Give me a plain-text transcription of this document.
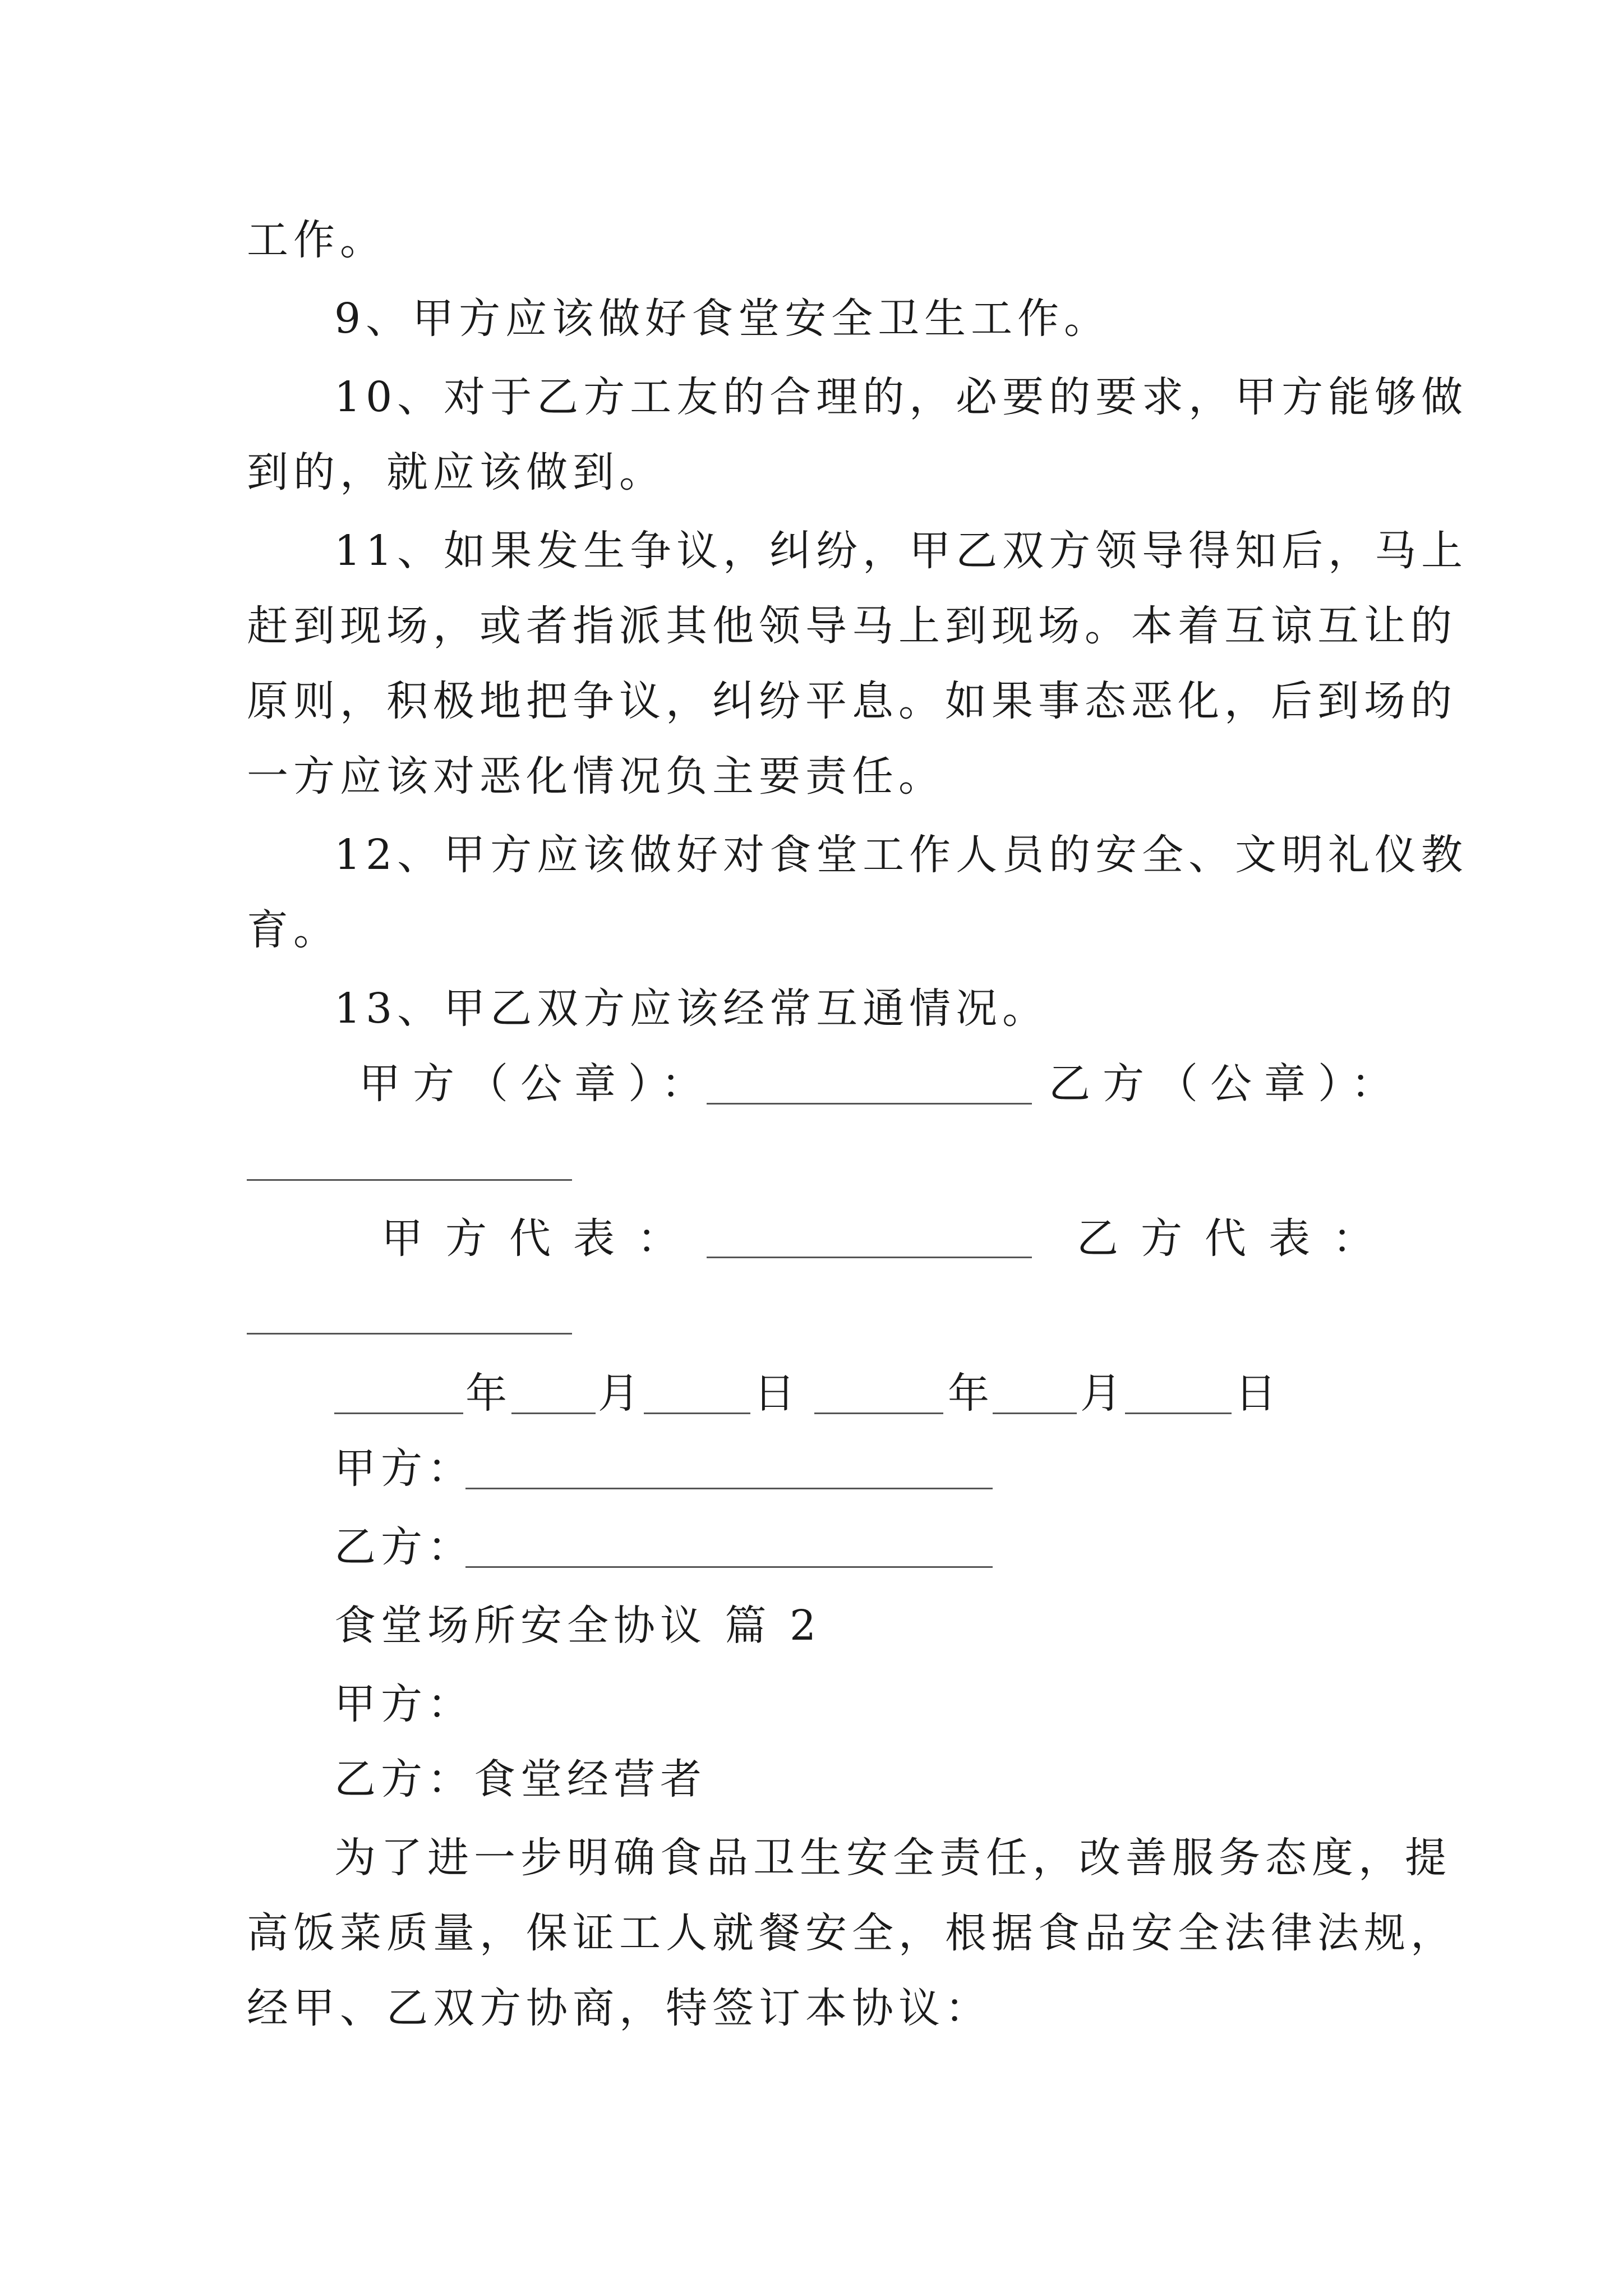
工作。
9、甲方应该做好食堂安全卫生工作。
10、对于乙方工友的合理的，必要的要求，甲方能够做
到的，就应该做到。
11、如果发生争议，纠纷，甲乙双方领导得知后，马上
赶到现场，或者指派其他领导马上到现场。本着互谅互让的
原则，积极地把争议，纠纷平息。如果事态恶化，后到场的
一方应该对恶化情况负主要责任。
12、甲方应该做好对食堂工作人员的安全、文明礼仪教
育。
13、甲乙双方应该经常互通情况。
甲方（公章）：	乙方（公章）：
甲方代表：	乙方代表：
年 月	日	年 月	日
甲方：
乙方：
食堂场所安全协议 篇 2
甲方：
乙方：食堂经营者
为了进一步明确食品卫生安全责任，改善服务态度，提
高饭菜质量，保证工人就餐安全，根据食品安全法律法规，
经甲、乙双方协商，特签订本协议：
